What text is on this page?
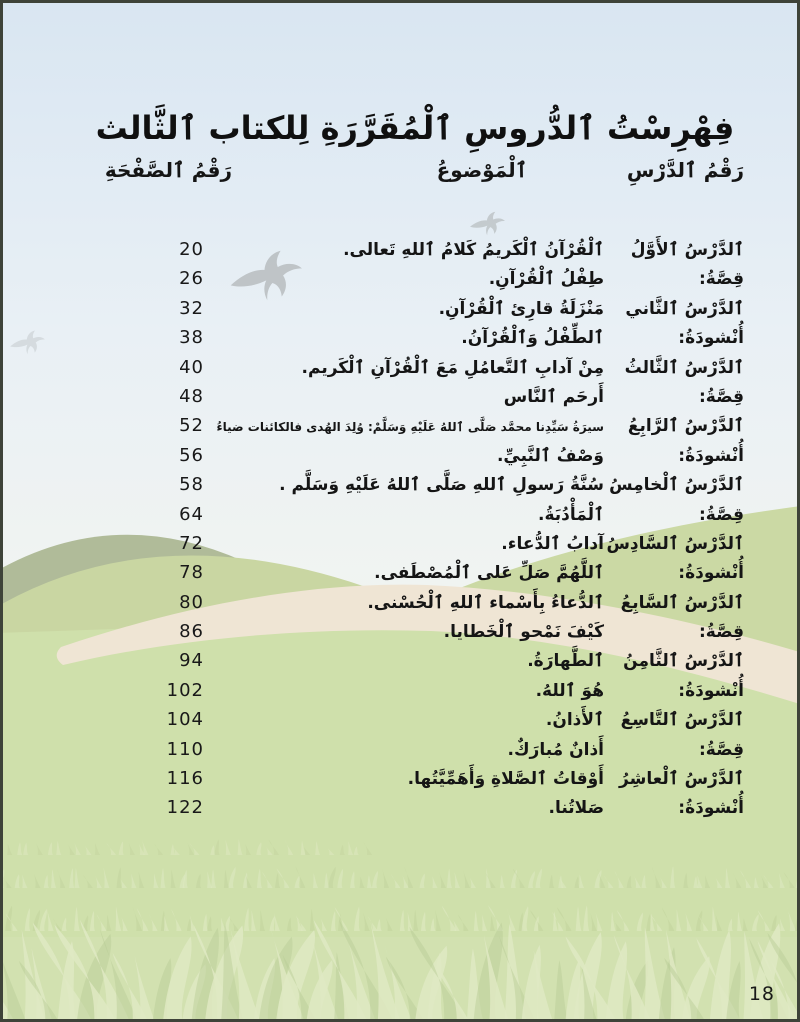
فِهْرِسْتُ ٱلدُّروسِ ٱلْمُقَرَّرَةِ لِلكتاب ٱلثَّالث
رَقْمُ ٱلدَّرْسِ
ٱلْمَوْضوعُ
رَقْمُ ٱلصَّفْحَةِ
ٱلدَّرْسُ ٱلأَوَّلُ
ٱلْقُرْآنُ ٱلْكَريمُ كَلامُ ٱللهِ تَعالى.
20
قِصَّةُ:
طِفْلُ ٱلْقُرْآنِ.
26
ٱلدَّرْسُ ٱلثَّاني
مَنْزَلَةُ قارِئ ٱلْقُرْآنِ.
32
أُنْشودَةُ:
ٱلطِّفْلُ وَٱلْقُرْآنُ.
38
ٱلدَّرْسُ ٱلثَّالثُ
مِنْ آدابِ ٱلتَّعامُلِ مَعَ ٱلْقُرْآنِ ٱلْكَريم.
40
قِصَّةُ:
أَرحَم ٱلنَّاس
48
ٱلدَّرْسُ ٱلرَّابِعُ
سيرَةُ سَيِّدِنا محمَّد صَلَّى ٱللهُ عَلَيْهِ وَسَلَّمْ: وُلِدَ الهُدى فالكائنات ضياءُ
52
أُنْشودَةُ:
وَصْفُ ٱلنَّبِيِّ.
56
ٱلدَّرْسُ ٱلْخامِسُ
سُنَّةُ رَسولِ ٱللهِ صَلَّى ٱللهُ عَلَيْهِ وَسَلَّم .
58
قِصَّةُ:
ٱلْمَأْدُبَةُ.
64
ٱلدَّرْسُ ٱلسَّادِسُ
آدابُ ٱلدُّعاء.
72
أُنْشودَةُ:
ٱللَّهُمَّ صَلِّ عَلى ٱلْمُصْطَفى.
78
ٱلدَّرْسُ ٱلسَّابِعُ
ٱلدُّعاءُ بِأَسْماء ٱللهِ ٱلْحُسْنى.
80
قِصَّةُ:
كَيْفَ نَمْحو ٱلْخَطايا.
86
ٱلدَّرْسُ ٱلثَّامِنُ
ٱلطَّهارَةُ.
94
أُنْشودَةُ:
هُوَ ٱللهُ.
102
ٱلدَّرْسُ ٱلتَّاسِعُ
ٱلأَذانُ.
104
قِصَّةُ:
أَذانٌ مُبارَكٌ.
110
ٱلدَّرْسُ ٱلْعاشِرُ
أَوْقاتُ ٱلصَّلاةِ وَأَهَمِّيَّتُها.
116
أُنْشودَةُ:
صَلاتُنا.
122
18
